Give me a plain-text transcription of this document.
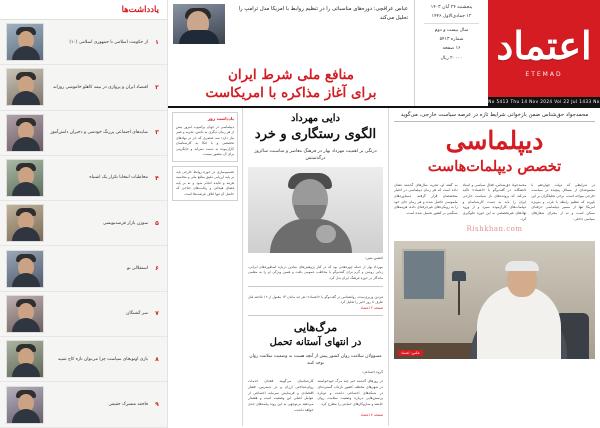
اعتماد
ETEMAD
No 5413 Thu 14 Nov 2024 Vol 22 Jul 1433 No 5413 16 Pages 12 20000 Rials
پنجشنبه ۲۴ آبان ۱۴۰۳
۱۲ جمادی‌الاول ۱۴۴۶
سال بیست و دوم
شماره ۵۴۱۳
۱۶ صفحه
۲۰۰۰۰ ریال
عباس عراقچی: دوره‌های مناسباتی را در تنظیم روابط با امریکا مدل ترامپ را تحلیل می‌کند
منافع ملی شرط ایران
برای آغاز مذاکره با امریکاست
محمدجواد حق‌شناس ضمن بازخوانی شرایط تازه در عرصه سیاست خارجی، می‌گوید
دیپلماسی
تخصص دیپلمات‌هاست
در شرایطی که دولت چهاردهم با مجموعه‌ای از مسائل پیچیده در سیاست خارجی مواجه است، برخی تحلیلگران بر این باورند که تنظیم رابطه با غرب و به‌ویژه امریکا تنها از مسیر دیپلماسی حرفه‌ای ممکن است و نه از مجرای شعارهای سیاسی داخلی.
محمدجواد حق‌شناس، فعال سیاسی و استاد دانشگاه، در گفت‌وگو با «اعتماد» تاکید می‌کند که پرونده‌های باز سیاست خارجی ایران را باید به دست کارشناسان و دیپلمات‌های کارآزموده سپرد و از ورود نهادهای غیرتخصصی به این حوزه جلوگیری کرد.
به گفته او، تجربه سال‌های گذشته نشان داده است که هر زمان دیپلماسی در اختیار متخصصان قرار گرفته، دستاوردهای ملموسی حاصل شده و هر زمان جای خود را به رویکردهای غیرحرفه‌ای داده، هزینه‌های سنگینی بر کشور تحمیل شده است.
Rishkhan.com
عکس: اعتماد
دایی مهرداد
الگوی رستگاری و خرد
درنگی بر اهمیت مهرداد بهار در فرهنگ معاصر و مناسبت سالروز درگذشتش
افشین متین:
مهرداد بهار از جمله چهره‌هایی بود که در کنار پژوهش‌های بنیادین درباره اسطوره‌های ایرانی، زبانی روشن و گرم برای گفت‌وگو با مخاطب عمومی یافت و همین ویژگی او را به معلمی ماندگار در حوزه فرهنگ ایران بدل کرد.
فردین وزیری‌سده، روانشناس در گفت‌وگو با «اعتماد»: هر چه ماندن ۱۴ مقتول از ۱۲ فاجعه قتل طرف ۸ روز اخیر را تحلیل کرد
صفحه ۲ اعتماد
مرگ‌هایی
در انتهای آستانه تحمل
مسوولان سلامت روان کشور پیش از آنچه هست به وضعیت سلامت روان توجه کنند
گروه اجتماعی:
در روزهای گذشته خبر چند مرگ خودخواسته در شهرهای مختلف کشور بازتاب گسترده‌ای در شبکه‌های اجتماعی داشت و دوباره پرسش‌هایی درباره وضعیت سلامت روان جامعه و سازوکارهای حمایتی را مطرح کرد.
کارشناسان می‌گویند فقدان خدمات روان‌شناختی ارزان و در دسترس، فشار اقتصادی و فرسایش سرمایه اجتماعی از عوامل اصلی این وضعیت است و هشدار می‌دهند بی‌توجهی به این روند پیامدهای جدی خواهد داشت.
صفحه ۷ اعتماد
یادداشت روز
دیپلماسی در جهان پرآشوب امروز بیش از هر زمان دیگری به دانش، تجربه و صبر نیاز دارد؛ سه عنصری که جز در نهادهای تخصصی و با اتکا به کارشناسان کارآزموده به دست نمی‌آید و جایگزینی برای آن متصور نیست.
تصمیم‌سازی در حوزه روابط خارجی باید بر پایه ارزیابی دقیق منافع ملی و محاسبه هزینه و فایده انجام شود و نه بر پایه فضای هیجانی و رقابت‌های جناحی که حاصل آن تنها اتلاف فرصت‌ها است.
یادداشت‌ها
۱
از حکومت اسلامی تا جمهوری اسلامی (۱۰)
۲
اقتصاد ایران و پروازی در نیمه کاهلو خاموشی روزانه
۳
سایه‌های اجتماعی پررنگ خودشی و ذخیران دانش‌آموز
۴
مخاطبات انتخابا تکرار یک اشتباه
۵
سوزن بازار قرضه‌نویسی
۶
استقلالی نو
۷
سر گشتگان
۸
بازی اوتوبخای سیاست چرا می‌توان تازه کاج شبیه
۹
فاجعه مشترک حقیقی
